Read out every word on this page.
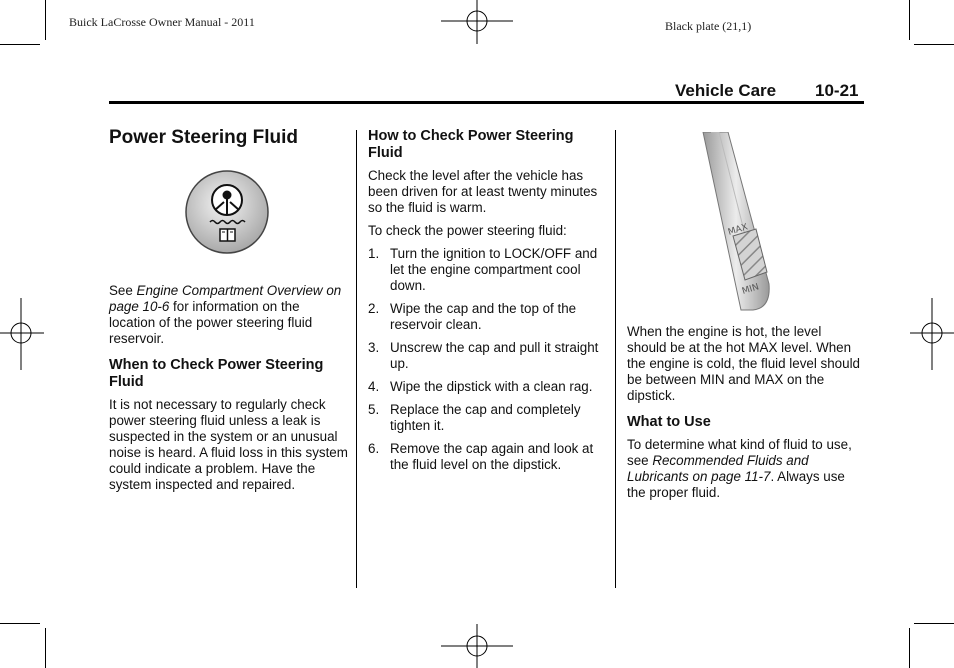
Buick LaCrosse Owner Manual - 2011	Black plate (21,1)
Vehicle Care 10-21
Power Steering Fluid

See Engine Compartment Overview on page 10-6 for information on the location of the power steering fluid reservoir.

When to Check Power Steering Fluid

It is not necessary to regularly check power steering fluid unless a leak is suspected in the system or an unusual noise is heard. A fluid loss in this system could indicate a problem. Have the system inspected and repaired.

How to Check Power Steering Fluid

Check the level after the vehicle has been driven for at least twenty minutes so the fluid is warm.

To check the power steering fluid:

1. Turn the ignition to LOCK/OFF and let the engine compartment cool down.
2. Wipe the cap and the top of the reservoir clean.
3. Unscrew the cap and pull it straight up.
4. Wipe the dipstick with a clean rag.
5. Replace the cap and completely tighten it.
6. Remove the cap again and look at the fluid level on the dipstick.
MAX
MIN

When the engine is hot, the level should be at the hot MAX level. When the engine is cold, the fluid level should be between MIN and MAX on the dipstick.

What to Use

To determine what kind of fluid to use, see Recommended Fluids and Lubricants on page 11-7. Always use the proper fluid.
